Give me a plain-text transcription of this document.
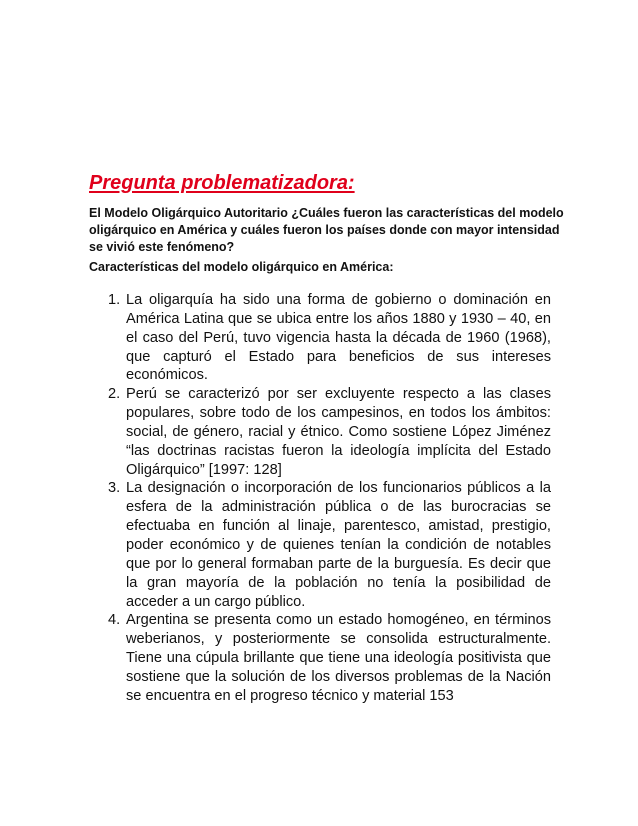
Pregunta problematizadora:
El Modelo Oligárquico Autoritario ¿Cuáles fueron las características del modelo oligárquico en América y cuáles fueron los países donde con mayor intensidad se vivió este fenómeno?
Características del modelo oligárquico en América:
1. La oligarquía ha sido una forma de gobierno o dominación en América Latina que se ubica entre los años 1880 y 1930 – 40, en el caso del Perú, tuvo vigencia hasta la década de 1960 (1968), que capturó el Estado para beneficios de sus intereses económicos.
2. Perú se caracterizó por ser excluyente respecto a las clases populares, sobre todo de los campesinos, en todos los ámbitos: social, de género, racial y étnico. Como sostiene López Jiménez “las doctrinas racistas fueron la ideología implícita del Estado Oligárquico” [1997: 128]
3. La designación o incorporación de los funcionarios públicos a la esfera de la administración pública o de las burocracias se efectuaba en función al linaje, parentesco, amistad, prestigio, poder económico y de quienes tenían la condición de notables que por lo general formaban parte de la burguesía. Es decir que la gran mayoría de la población no tenía la posibilidad de acceder a un cargo público.
4. Argentina se presenta como un estado homogéneo, en términos weberianos, y posteriormente se consolida estructuralmente. Tiene una cúpula brillante que tiene una ideología positivista que sostiene que la solución de los diversos problemas de la Nación se encuentra en el progreso técnico y material 153
